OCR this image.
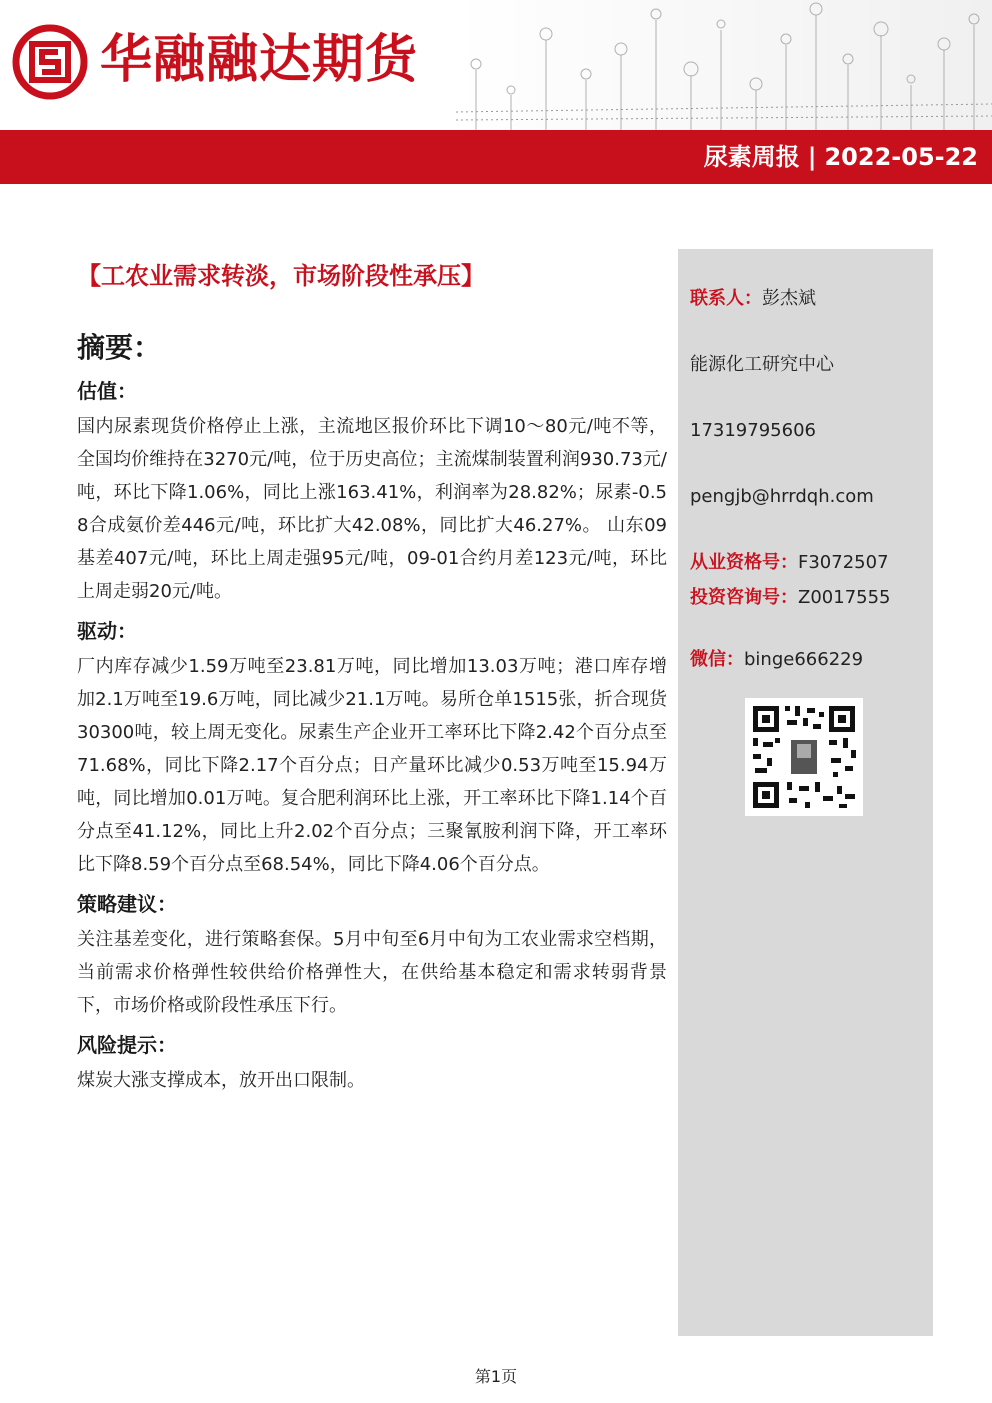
华融融达期货
尿素周报 | 2022-05-22
【工农业需求转淡，市场阶段性承压】
摘要：
估值：

国内尿素现货价格停止上涨，主流地区报价环比下调10～80元/吨不等，全国均价维持在3270元/吨，位于历史高位；主流煤制装置利润930.73元/吨，环比下降1.06%，同比上涨163.41%，利润率为28.82%；尿素-0.58合成氨价差446元/吨，环比扩大42.08%，同比扩大46.27%。 山东09基差407元/吨，环比上周走强95元/吨，09-01合约月差123元/吨，环比上周走弱20元/吨。

驱动：

厂内库存减少1.59万吨至23.81万吨，同比增加13.03万吨；港口库存增加2.1万吨至19.6万吨，同比减少21.1万吨。易所仓单1515张，折合现货30300吨，较上周无变化。尿素生产企业开工率环比下降2.42个百分点至71.68%，同比下降2.17个百分点；日产量环比减少0.53万吨至15.94万吨，同比增加0.01万吨。复合肥利润环比上涨，开工率环比下降1.14个百分点至41.12%，同比上升2.02个百分点；三聚氰胺利润下降，开工率环比下降8.59个百分点至68.54%，同比下降4.06个百分点。

策略建议：

关注基差变化，进行策略套保。5月中旬至6月中旬为工农业需求空档期，当前需求价格弹性较供给价格弹性大，在供给基本稳定和需求转弱背景下，市场价格或阶段性承压下行。

风险提示：

煤炭大涨支撑成本，放开出口限制。

联系人：彭杰斌
能源化工研究中心
17319795606
pengjb@hrrdqh.com
从业资格号：F3072507
投资咨询号：Z0017555
微信：binge666229
第1页
